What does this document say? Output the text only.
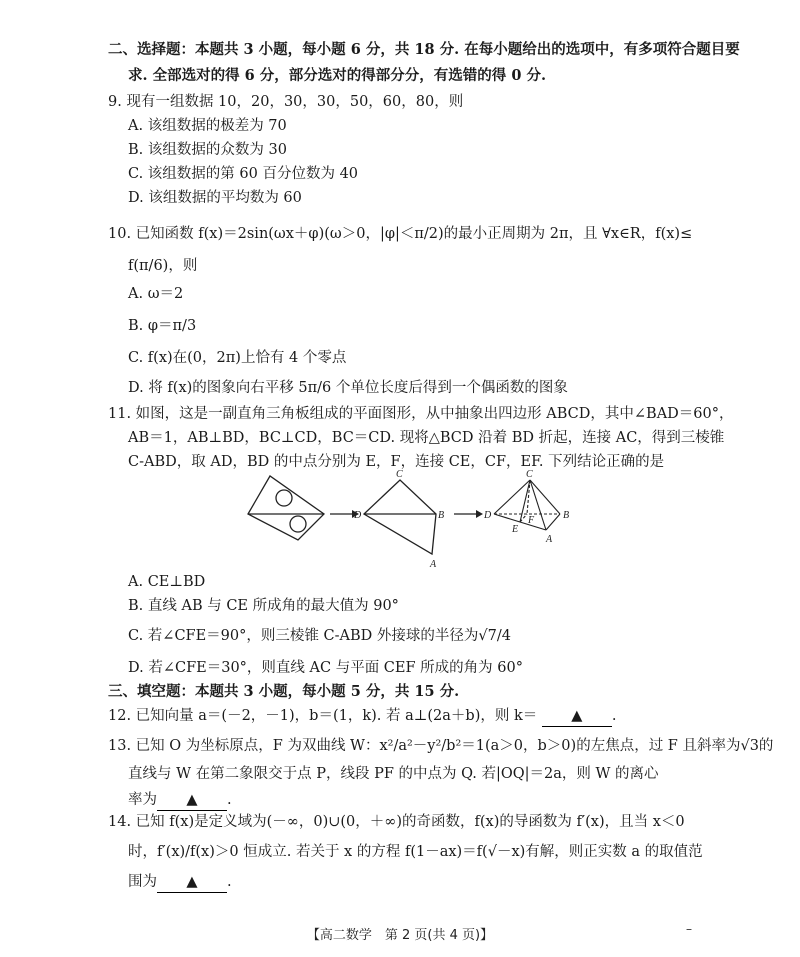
二、选择题：本题共 3 小题，每小题 6 分，共 18 分. 在每小题给出的选项中，有多项符合题目要
求. 全部选对的得 6 分，部分选对的得部分分，有选错的得 0 分.
9. 现有一组数据 10，20，30，30，50，60，80，则
A. 该组数据的极差为 70
B. 该组数据的众数为 30
C. 该组数据的第 60 百分位数为 40
D. 该组数据的平均数为 60
10. 已知函数 f(x)＝2sin(ωx＋φ)(ω＞0，|φ|＜π/2)的最小正周期为 2π，且 ∀x∈R，f(x)≤
f(π/6)，则
A. ω＝2
B. φ＝π/3
C. f(x)在(0，2π)上恰有 4 个零点
D. 将 f(x)的图象向右平移 5π/6 个单位长度后得到一个偶函数的图象
11. 如图，这是一副直角三角板组成的平面图形，从中抽象出四边形 ABCD，其中∠BAD＝60°，
AB＝1，AB⊥BD，BC⊥CD，BC＝CD. 现将△BCD 沿着 BD 折起，连接 AC，得到三棱锥
C-ABD，取 AD，BD 的中点分别为 E，F，连接 CE，CF，EF. 下列结论正确的是
C
D	B
A
C
D	B
F
E
A
A. CE⊥BD
B. 直线 AB 与 CE 所成角的最大值为 90°
C. 若∠CFE＝90°，则三棱锥 C-ABD 外接球的半径为√7/4
D. 若∠CFE＝30°，则直线 AC 与平面 CEF 所成的角为 60°
三、填空题：本题共 3 小题，每小题 5 分，共 15 分.
12. 已知向量 a＝(－2，－1)，b＝(1，k). 若 a⊥(2a＋b)，则 k＝ ▲ .
13. 已知 O 为坐标原点，F 为双曲线 W：x²/a²－y²/b²＝1(a＞0，b＞0)的左焦点，过 F 且斜率为√3的
直线与 W 在第二象限交于点 P，线段 PF 的中点为 Q. 若|OQ|＝2a，则 W 的离心
率为 ▲ .
14. 已知 f(x)是定义域为(－∞，0)∪(0，＋∞)的奇函数，f(x)的导函数为 f′(x)，且当 x＜0
时，f′(x)/f(x)＞0 恒成立. 若关于 x 的方程 f(1－ax)＝f(√－x)有解，则正实数 a 的取值范
围为 ▲ .
【高二数学　第 2 页(共 4 页)】	–
